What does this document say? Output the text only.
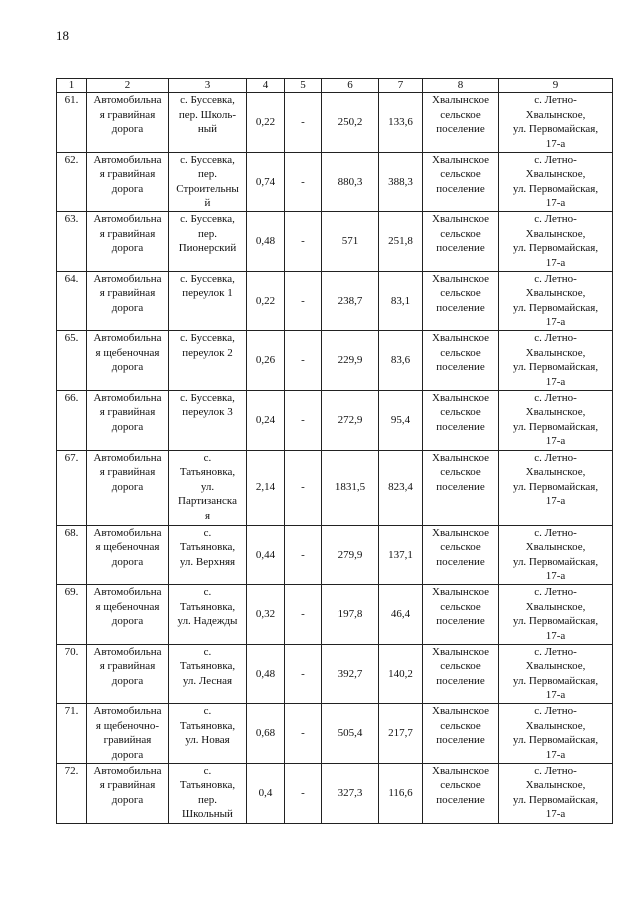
18
1	2	3	4	5	6	7	8	9
61.	Автомобильна
я гравийная
дорога	с. Буссевка,
пер. Школь-
ный	0,22	-	250,2	133,6	Хвалынское
сельское
поселение	с. Летно-
Хвалынское,
ул. Первомайская,
17-а
62.	Автомобильна
я гравийная
дорога	с. Буссевка,
пер.
Строительны
й	0,74	-	880,3	388,3	Хвалынское
сельское
поселение	с. Летно-
Хвалынское,
ул. Первомайская,
17-а
63.	Автомобильна
я гравийная
дорога	с. Буссевка,
пер.
Пионерский	0,48	-	571	251,8	Хвалынское
сельское
поселение	с. Летно-
Хвалынское,
ул. Первомайская,
17-а
64.	Автомобильна
я гравийная
дорога	с. Буссевка,
переулок 1	0,22	-	238,7	83,1	Хвалынское
сельское
поселение	с. Летно-
Хвалынское,
ул. Первомайская,
17-а
65.	Автомобильна
я щебеночная
дорога	с. Буссевка,
переулок 2	0,26	-	229,9	83,6	Хвалынское
сельское
поселение	с. Летно-
Хвалынское,
ул. Первомайская,
17-а
66.	Автомобильна
я гравийная
дорога	с. Буссевка,
переулок 3	0,24	-	272,9	95,4	Хвалынское
сельское
поселение	с. Летно-
Хвалынское,
ул. Первомайская,
17-а
67.	Автомобильна
я гравийная
дорога	с.
Татьяновка,
ул.
Партизанска
я	2,14	-	1831,5	823,4	Хвалынское
сельское
поселение	с. Летно-
Хвалынское,
ул. Первомайская,
17-а
68.	Автомобильна
я щебеночная
дорога	с.
Татьяновка,
ул. Верхняя	0,44	-	279,9	137,1	Хвалынское
сельское
поселение	с. Летно-
Хвалынское,
ул. Первомайская,
17-а
69.	Автомобильна
я щебеночная
дорога	с.
Татьяновка,
ул. Надежды	0,32	-	197,8	46,4	Хвалынское
сельское
поселение	с. Летно-
Хвалынское,
ул. Первомайская,
17-а
70.	Автомобильна
я гравийная
дорога	с.
Татьяновка,
ул. Лесная	0,48	-	392,7	140,2	Хвалынское
сельское
поселение	с. Летно-
Хвалынское,
ул. Первомайская,
17-а
71.	Автомобильна
я щебеночно-
гравийная
дорога	с.
Татьяновка,
ул. Новая	0,68	-	505,4	217,7	Хвалынское
сельское
поселение	с. Летно-
Хвалынское,
ул. Первомайская,
17-а
72.	Автомобильна
я гравийная
дорога	с.
Татьяновка,
пер.
Школьный	0,4	-	327,3	116,6	Хвалынское
сельское
поселение	с. Летно-
Хвалынское,
ул. Первомайская,
17-а
